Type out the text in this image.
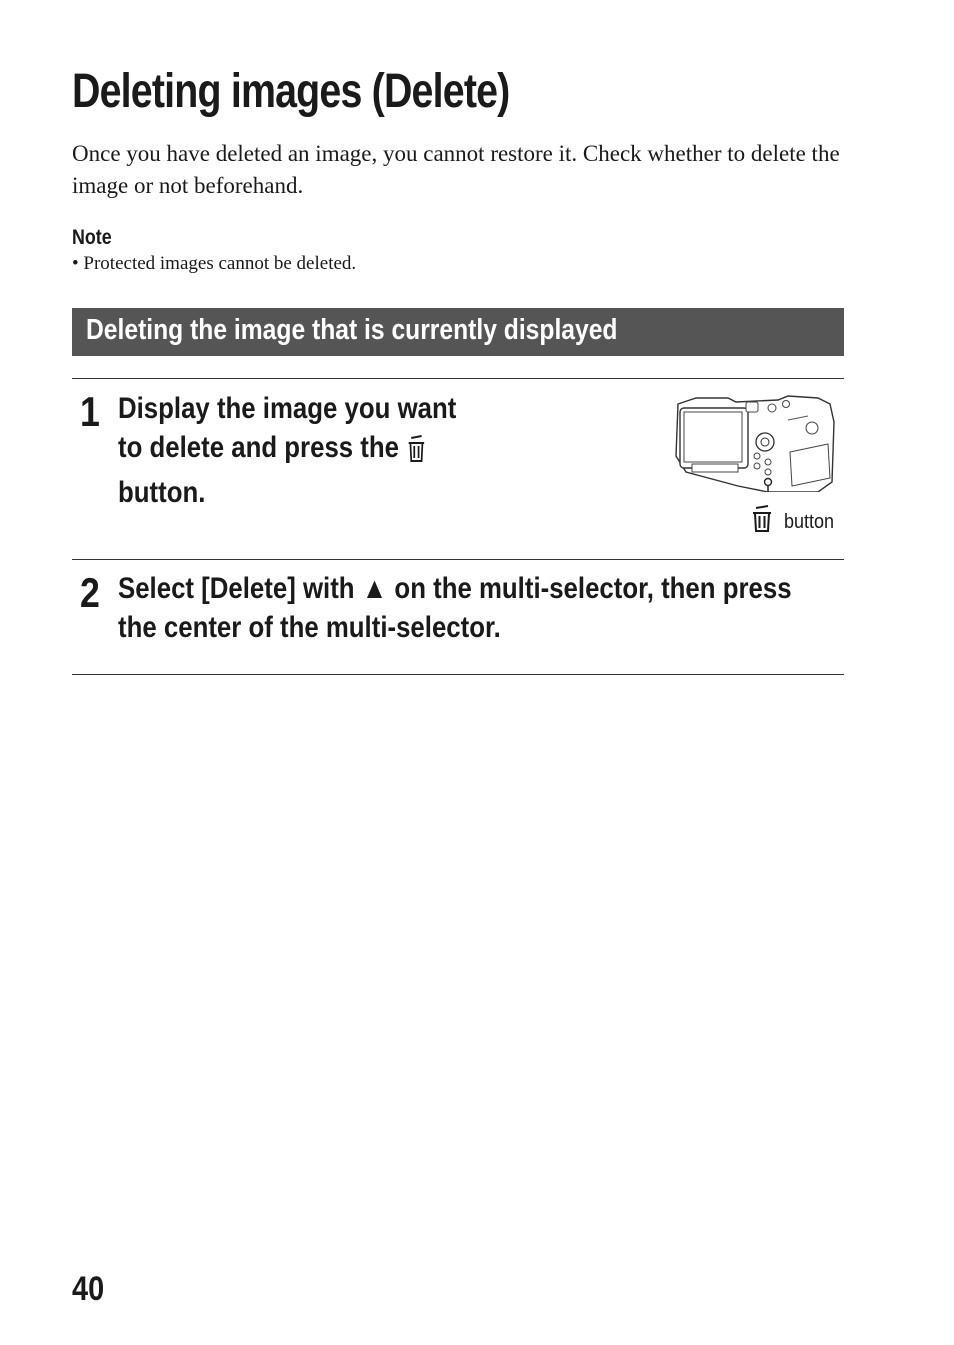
Deleting images (Delete)
Once you have deleted an image, you cannot restore it. Check whether to delete the image or not beforehand.
Note
• Protected images cannot be deleted.
Deleting the image that is currently displayed
1 Display the image you want
to delete and press the
button.
button
2 Select [Delete] with ▲ on the multi-selector, then press
the center of the multi-selector.
40
